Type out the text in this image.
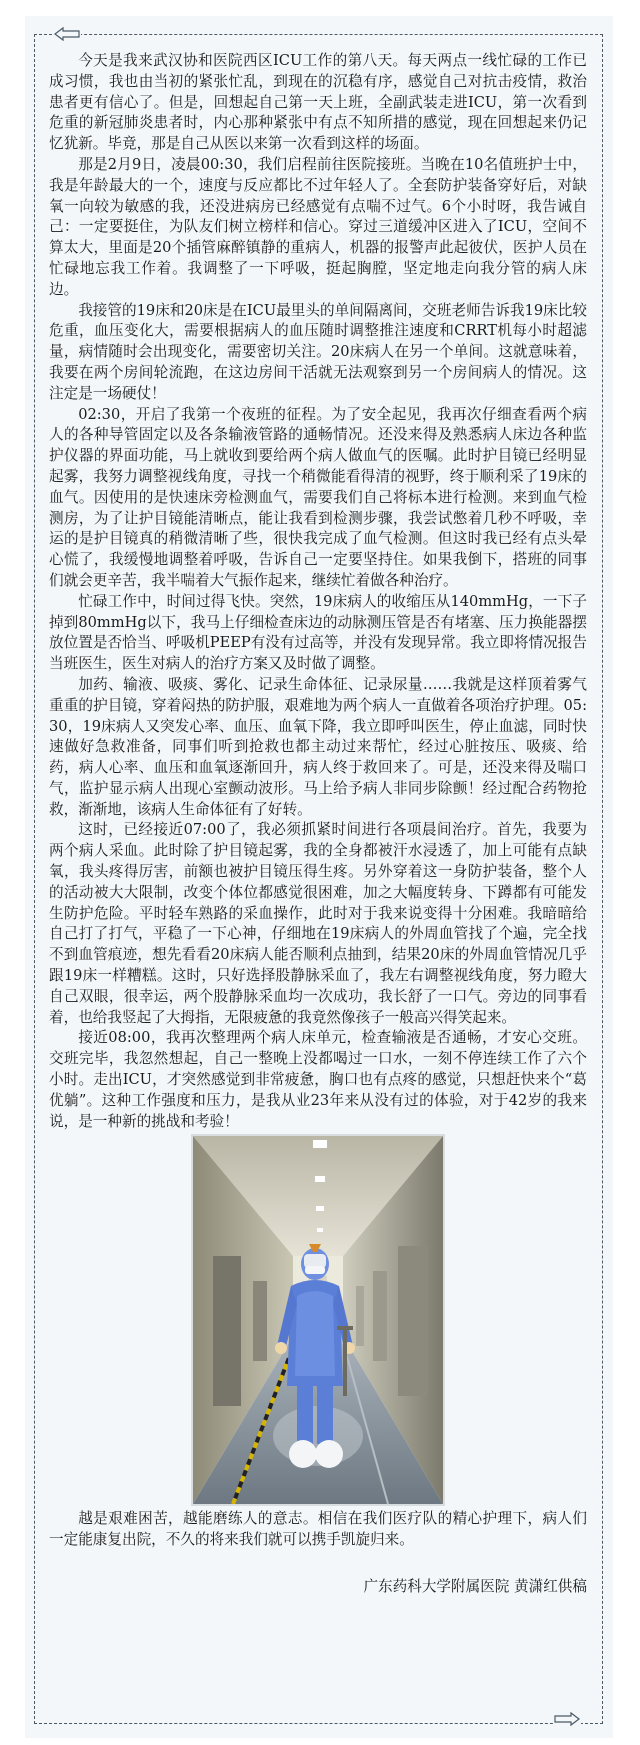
今天是我来武汉协和医院西区ICU工作的第八天。每天两点一线忙碌的工作已成习惯，我也由当初的紧张忙乱，到现在的沉稳有序，感觉自己对抗击疫情，救治患者更有信心了。但是，回想起自己第一天上班，全副武装走进ICU，第一次看到危重的新冠肺炎患者时，内心那种紧张中有点不知所措的感觉，现在回想起来仍记忆犹新。毕竟，那是自己从医以来第一次看到这样的场面。

那是2月9日，凌晨00:30，我们启程前往医院接班。当晚在10名值班护士中，我是年龄最大的一个，速度与反应都比不过年轻人了。全套防护装备穿好后，对缺氧一向较为敏感的我，还没进病房已经感觉有点喘不过气。6个小时呀，我告诫自己：一定要挺住，为队友们树立榜样和信心。穿过三道缓冲区进入了ICU，空间不算太大，里面是20个插管麻醉镇静的重病人，机器的报警声此起彼伏，医护人员在忙碌地忘我工作着。我调整了一下呼吸，挺起胸膛，坚定地走向我分管的病人床边。

我接管的19床和20床是在ICU最里头的单间隔离间，交班老师告诉我19床比较危重，血压变化大，需要根据病人的血压随时调整推注速度和CRRT机每小时超滤量，病情随时会出现变化，需要密切关注。20床病人在另一个单间。这就意味着，我要在两个房间轮流跑，在这边房间干活就无法观察到另一个房间病人的情况。这注定是一场硬仗！

02:30，开启了我第一个夜班的征程。为了安全起见，我再次仔细查看两个病人的各种导管固定以及各条输液管路的通畅情况。还没来得及熟悉病人床边各种监护仪器的界面功能，马上就收到要给两个病人做血气的医嘱。此时护目镜已经明显起雾，我努力调整视线角度，寻找一个稍微能看得清的视野，终于顺利采了19床的血气。因使用的是快速床旁检测血气，需要我们自己将标本进行检测。来到血气检测房，为了让护目镜能清晰点，能让我看到检测步骤，我尝试憋着几秒不呼吸，幸运的是护目镜真的稍微清晰了些，很快我完成了血气检测。但这时我已经有点头晕心慌了，我缓慢地调整着呼吸，告诉自己一定要坚持住。如果我倒下，搭班的同事们就会更辛苦，我半喘着大气振作起来，继续忙着做各种治疗。

忙碌工作中，时间过得飞快。突然，19床病人的收缩压从140mmHg，一下子掉到80mmHg以下，我马上仔细检查床边的动脉测压管是否有堵塞、压力换能器摆放位置是否恰当、呼吸机PEEP有没有过高等，并没有发现异常。我立即将情况报告当班医生，医生对病人的治疗方案又及时做了调整。

加药、输液、吸痰、雾化、记录生命体征、记录尿量……我就是这样顶着雾气重重的护目镜，穿着闷热的防护服，艰难地为两个病人一直做着各项治疗护理。05:30，19床病人又突发心率、血压、血氧下降，我立即呼叫医生，停止血滤，同时快速做好急救准备，同事们听到抢救也都主动过来帮忙，经过心脏按压、吸痰、给药，病人心率、血压和血氧逐渐回升，病人终于救回来了。可是，还没来得及喘口气，监护显示病人出现心室颤动波形。马上给予病人非同步除颤！经过配合药物抢救，渐渐地，该病人生命体征有了好转。

这时，已经接近07:00了，我必须抓紧时间进行各项晨间治疗。首先，我要为两个病人采血。此时除了护目镜起雾，我的全身都被汗水浸透了，加上可能有点缺氧，我头疼得厉害，前额也被护目镜压得生疼。另外穿着这一身防护装备，整个人的活动被大大限制，改变个体位都感觉很困难，加之大幅度转身、下蹲都有可能发生防护危险。平时轻车熟路的采血操作，此时对于我来说变得十分困难。我暗暗给自己打了打气，平稳了一下心神，仔细地在19床病人的外周血管找了个遍，完全找不到血管痕迹，想先看看20床病人能否顺利点抽到，结果20床的外周血管情况几乎跟19床一样糟糕。这时，只好选择股静脉采血了，我左右调整视线角度，努力瞪大自己双眼，很幸运，两个股静脉采血均一次成功，我长舒了一口气。旁边的同事看着，也给我竖起了大拇指，无限疲惫的我竟然像孩子一般高兴得笑起来。

接近08:00，我再次整理两个病人床单元，检查输液是否通畅，才安心交班。交班完毕，我忽然想起，自己一整晚上没都喝过一口水，一刻不停连续工作了六个小时。走出ICU，才突然感觉到非常疲惫，胸口也有点疼的感觉，只想赶快来个“葛优躺”。这种工作强度和压力，是我从业23年来从没有过的体验，对于42岁的我来说，是一种新的挑战和考验！

越是艰难困苦，越能磨练人的意志。相信在我们医疗队的精心护理下，病人们一定能康复出院，不久的将来我们就可以携手凯旋归来。

广东药科大学附属医院 黄潇红供稿
